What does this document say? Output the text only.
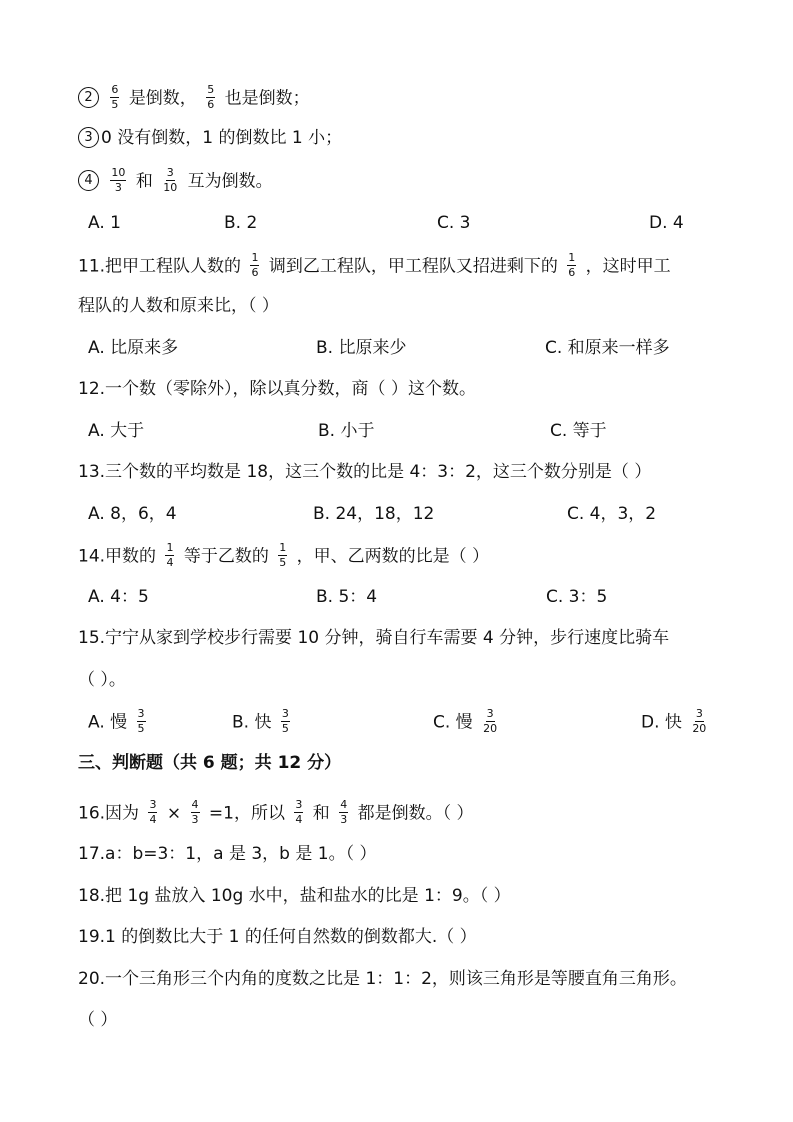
$2 \frac{6}{5}$ 是倒数， $\frac{5}{6}$ 也是倒数；
3 0 没有倒数，1 的倒数比 1 小；
$4 \frac{10}{3}$ 和 $\frac{3}{10}$ 互为倒数。
A. 1	B. 2	C. 3	D. 4
11.把甲工程队人数的 $\frac{1}{6}$ 调到乙工程队，甲工程队又招进剩下的 $\frac{1}{6}$ ，这时甲工
程队的人数和原来比，（ ）
A. 比原来多	B. 比原来少	C. 和原来一样多
12.一个数（零除外），除以真分数，商（ ）这个数。
A. 大于	B. 小于	C. 等于
13.三个数的平均数是 18，这三个数的比是 4：3：2，这三个数分别是（ ）
A. 8，6，4	B. 24，18，12	C. 4，3，2
14.甲数的 $\frac{1}{4}$ 等于乙数的 $\frac{1}{5}$ ，甲、乙两数的比是（ ）
A. 4：5	B. 5：4	C. 3：5
15.宁宁从家到学校步行需要 10 分钟，骑自行车需要 4 分钟，步行速度比骑车
（ ）。
A. 慢 $\frac{3}{5}$	B. 快 $\frac{3}{5}$	C. 慢 $\frac{3}{20}$	D. 快 $\frac{3}{20}$
三、判断题（共 6 题；共 12 分）
16.因为 $\frac{3}{4} \times \frac{4}{3} =1$，所以 $\frac{3}{4}$ 和 $\frac{4}{3}$ 都是倒数。（ ）
17.a：b=3：1，a 是 3，b 是 1。（ ）
18.把 1g 盐放入 10g 水中，盐和盐水的比是 1：9。（ ）
19.1 的倒数比大于 1 的任何自然数的倒数都大.（ ）
20.一个三角形三个内角的度数之比是 1：1：2，则该三角形是等腰直角三角形。
（ ）
